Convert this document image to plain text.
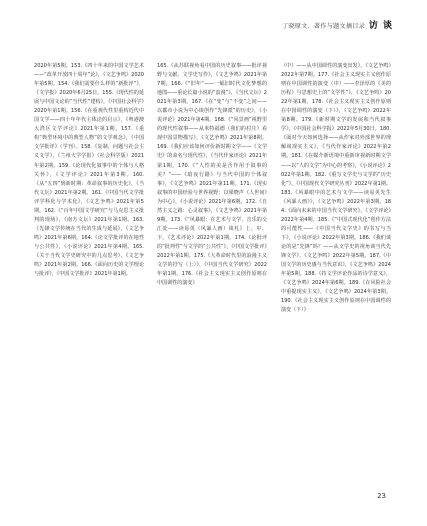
丁晓原文、著作与题文摘目录 访 谈

2020年第5期。153.《四十年来的中国文学艺术——“改革开放四十周年”论》，《文艺争鸣》2020年第5期。154.《我们需要什么样的“新批评”》，《文学报》2020年6月25日。155.《现代性的延展与中国文论的“当代性”建构》，《中国社会科学》2020年第1期。156.《在重观代性里重构近代中国文学——四十年年代主体论的启示》，《粤港澳大湾区文学评论》2021年第1期。157.《重构“典型环境中的典型人物”的文学观念》，《中国文学批评》（学刊）。158.《复制、问题与社会主义文学》，《兰州大学学报》（社会科学版）2021年第2期。159.《论现代化叙事中的个体与人格关怀》，《文学评论》2021年第3期。160.《从“五四”到新时期：革命叙事的历史化》，《当代文坛》2021年第2期。161.《中国当代文学批评学科化与学术化》，《文艺争鸣》2021年第5期。162.《“百年中国文学研究”与马克思主义批判的现场》，《南方文坛》2021年第1期。163.《先锋文学传统在当代的生成与延展》，《文艺争鸣》2021年第6期。164.《论文学批评的在地性与公共性》，《小说评论》2021年第4期。165.《关于当代文学史研究中的几点思考》，《文艺争鸣》2021年第2期。166.《面向历史的文学理论与批评》，《中国文学批评》2021年第1期。

165.《从苏联视角看中国的历史叙事——批评视野与文献、文学史写作》，《文艺争鸣》2021年第7期。166.《“旧年”——一幅旧时代文化梦想的地图——重论长篇小说的“浪漫”》，《当代文坛》2021年第3期。167.《在“变”与“不变”之间——以都市小说为中心谈创作“先锋派”的历史》，《小说评论》2021年第4期。168.《“风景画”视野里的现代性叙事——从米特福德（我们的村庄）看现中国景物描写》，《文艺争鸣》2021年第8期。169.《我们应该如何评价新时期文学——《文学史》的命名与现代性》，《当代作家评论》2021年第1期。170.《“人性的美是否作用于叙事的美？”——《暗夜行路》与当代中国的个体叙事》，《文艺争鸣》2021年第11期。171.《现实叙事的中国经验与世界视野：以梁晓声《人世间》为中心》，《小说评论》2021年第6期。172.《自然主义之路：心灵叙事》，《文艺争鸣》2021年第9期。173.《“风暴眼：在艺术与文学、音乐的交汇处——读易英（风暴人画）谈札》上、中、下，《艺术评论》2022年第1期。174.《论批评的“批判性”与文学的“公共性”》，《中国文学批评》2022年第1期。175.《大革命时代里的浪漫主义文学的抒写（上）》，《中国当代文学研究》2022年第1期。176.《社会主义现实主义创作原则在中国调性的演变》

（中）——从中国调性的演变出发》，《文艺争鸣》2022年第7期。177.《社会主义现实主义创作原则在中国调性的演变（中）——李泽厚的《美的历程》与思想史上的“文学性”》，《文艺争鸣》2022年第1期。178.《社会主义现实主义创作原则在中国调性的演变（下）》，《文艺争鸣》2022年第8期。179.《新时期文学的发展和当代叙事学》，《中国社会科学报》2022年5月30日。180.《面对今天如何选择——从作家对外部世界的理解谈现实主义》，《当代作家评论》2022年第2期。181.《在媒介新语境中重新审视新时期文学——以“人的文学”为中心的考察》，《小说评论》2022年第1期。182.《重写文学史与文学的“历史化”》，《中国现代文学研究丛刊》2022年第1期。183.《风暴眼中的艺术与文学——读易英先生《风暴人画》》，《文艺争鸣》2022年第3期。184.《面向未来的中国当代文学研究》，《文学评论》2022年第4期。185.《“中国式现代化”创作方法的可能性——《中国当代文学史》的书写与当下》，《小说评论》2022年第3期。186.《我们谈论的是“先锋”吗？——从文学史的视角谈当代先锋文学》，《文艺争鸣》2022年第5期。187.《中国文学的历史感与当代意识》，《文艺争鸣》2024年第5期。188.《持文学评论作品的诗学意义》，《文艺争鸣》2024年第6期。189.《在风险社会中重提现实主义》，《文艺争鸣》2024年第3期。190.《社会主义现实主义创作原则在中国调性的演变（下）》

23
